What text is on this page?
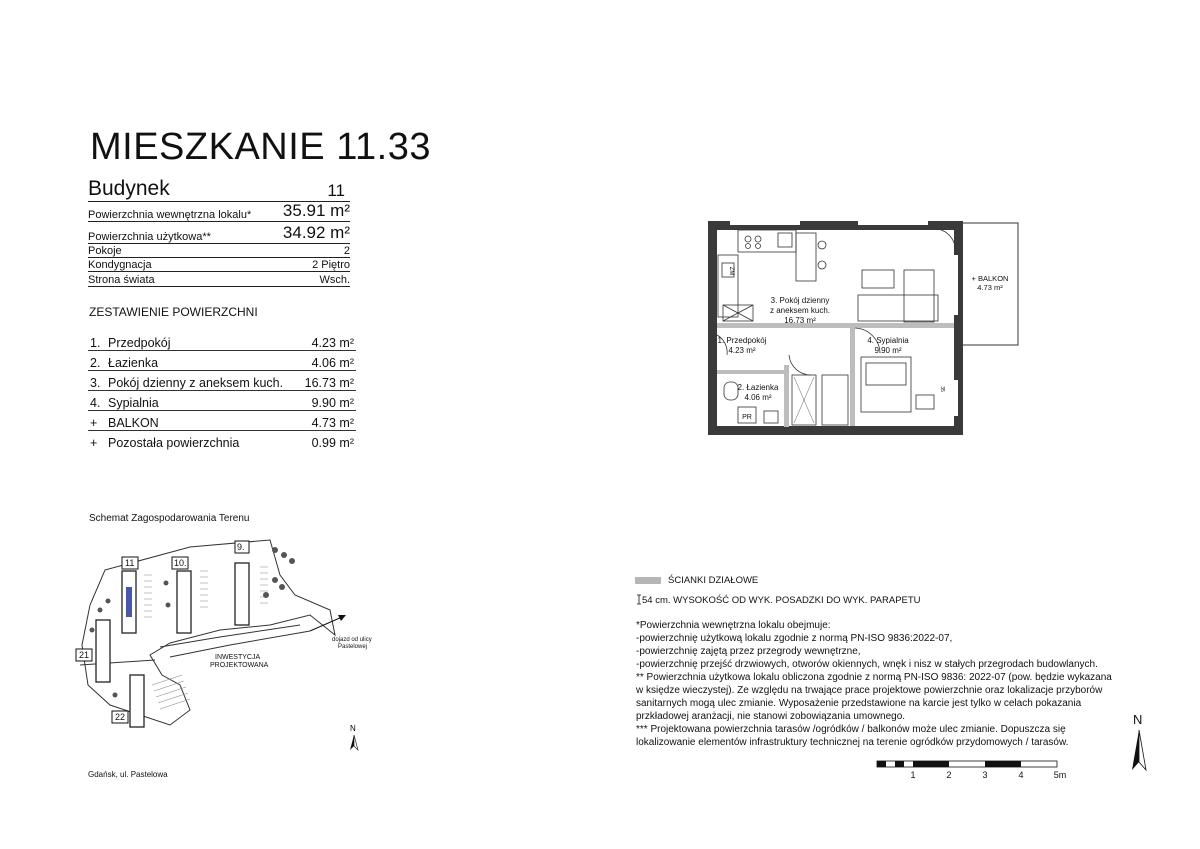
MIESZKANIE 11.33
Budynek	11
Powierzchnia wewnętrzna lokalu* 35.91 m²
Powierzchnia użytkowa**	34.92 m²
Pokoje	2
Kondygnacja	2 Piętro
Strona świata	Wsch.
ZESTAWIENIE POWIERZCHNI
1. Przedpokój	4.23 m²
2. Łazienka	4.06 m²
3. Pokój dzienny z aneksem kuch.	16.73 m²
4. Sypialnia	9.90 m²
+ BALKON	4.73 m²
+ Pozostała powierzchnia	0.99 m²
Schemat Zagospodarowania Terenu
9.
10.
11
21
22
INWESTYCJA
PROJEKTOWANA
dojazd od ulicy
Pastelowej
N
Gdańsk, ul. Pastelowa
3. Pokój dzienny
z aneksem kuch.
16.73 m²
1. Przedpokój
4.23 m²
4. Sypialnia
9.90 m²
2. Łazienka
4.06 m²
+ BALKON
4.73 m²
PR
ZM
35
ŚCIANKI DZIAŁOWE
54 cm. WYSOKOŚĆ OD WYK. POSADZKI DO WYK. PARAPETU
*Powierzchnia wewnętrzna lokalu obejmuje:
-powierzchnię użytkową lokalu zgodnie z normą PN-ISO 9836:2022-07,
-powierzchnię zajętą przez przegrody wewnętrzne,
-powierzchnię przejść drzwiowych, otworów okiennych, wnęk i nisz w stałych przegrodach budowlanych.
** Powierzchnia użytkowa lokalu obliczona zgodnie z normą PN-ISO 9836: 2022-07 (pow. będzie wykazana
w księdze wieczystej). Ze względu na trwające prace projektowe powierzchnie oraz lokalizacje przyborów
sanitarnych mogą ulec zmianie. Wyposażenie przedstawione na karcie jest tylko w celach pokazania
przkładowej aranżacji, nie stanowi zobowiązania umownego.
*** Projektowana powierzchnia tarasów /ogródków / balkonów może ulec zmianie. Dopuszcza się
lokalizowanie elementów infrastruktury technicznej na terenie ogródków przydomowych / tarasów.
N
1	2	3	4	5m
